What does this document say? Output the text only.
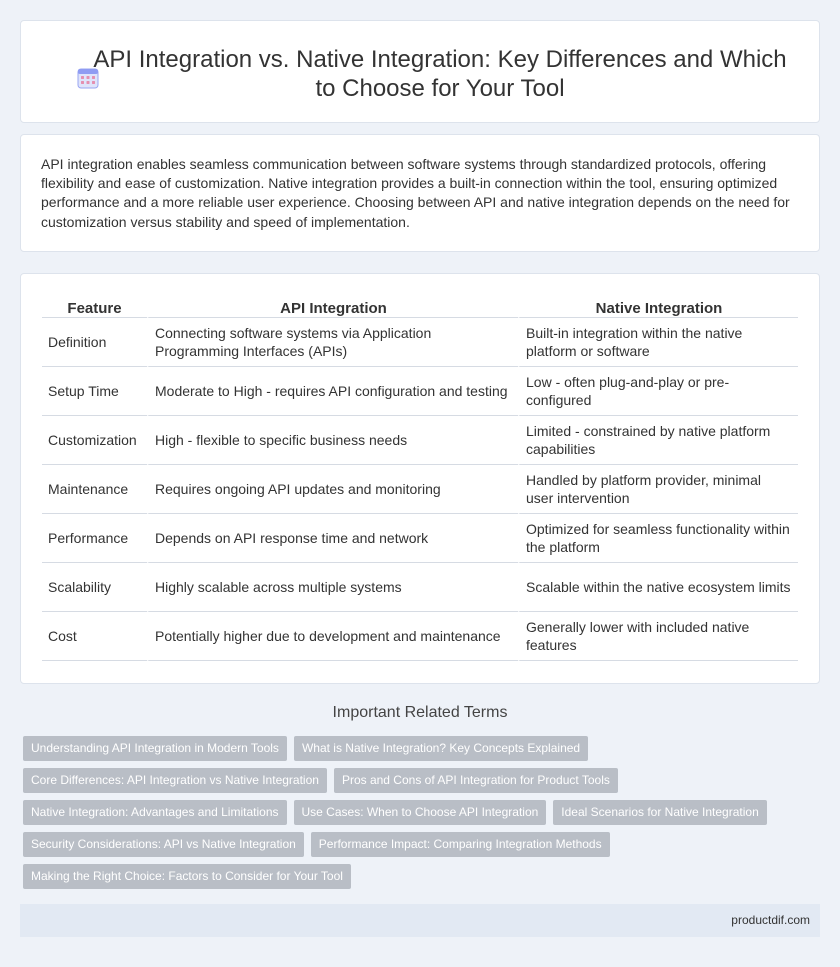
API Integration vs. Native Integration: Key Differences and Which to Choose for Your Tool

API integration enables seamless communication between software systems through standardized protocols, offering flexibility and ease of customization. Native integration provides a built-in connection within the tool, ensuring optimized performance and a more reliable user experience. Choosing between API and native integration depends on the need for customization versus stability and speed of implementation.

Feature	API Integration	Native Integration
Definition	Connecting software systems via Application Programming Interfaces (APIs)	Built-in integration within the native platform or software
Setup Time	Moderate to High - requires API configuration and testing	Low - often plug-and-play or pre-configured
Customization	High - flexible to specific business needs	Limited - constrained by native platform capabilities
Maintenance	Requires ongoing API updates and monitoring	Handled by platform provider, minimal user intervention
Performance	Depends on API response time and network	Optimized for seamless functionality within the platform
Scalability	Highly scalable across multiple systems	Scalable within the native ecosystem limits
Cost	Potentially higher due to development and maintenance	Generally lower with included native features
Important Related Terms
Understanding API Integration in Modern Tools	What is Native Integration? Key Concepts Explained
Core Differences: API Integration vs Native Integration	Pros and Cons of API Integration for Product Tools
Native Integration: Advantages and Limitations	Use Cases: When to Choose API Integration	Ideal Scenarios for Native Integration
Security Considerations: API vs Native Integration	Performance Impact: Comparing Integration Methods
Making the Right Choice: Factors to Consider for Your Tool
productdif.com
